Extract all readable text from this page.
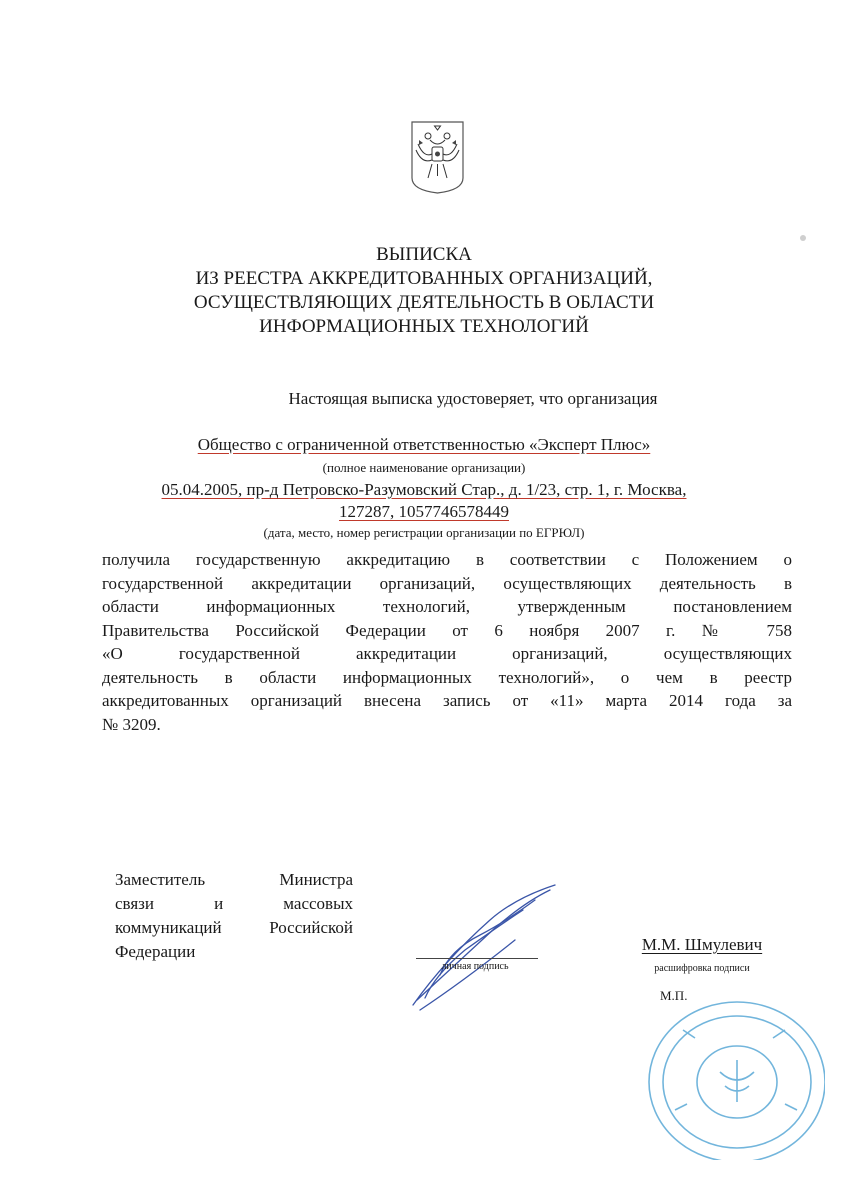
ВЫПИСКА
ИЗ РЕЕСТРА АККРЕДИТОВАННЫХ ОРГАНИЗАЦИЙ,
ОСУЩЕСТВЛЯЮЩИХ ДЕЯТЕЛЬНОСТЬ В ОБЛАСТИ
ИНФОРМАЦИОННЫХ ТЕХНОЛОГИЙ
Настоящая выписка удостоверяет, что организация
Общество с ограниченной ответственностью «Эксперт Плюс»
(полное наименование организации)
05.04.2005, пр-д Петровско-Разумовский Стар., д. 1/23, стр. 1, г. Москва,
127287, 1057746578449
(дата, место, номер регистрации организации по ЕГРЮЛ)
получила государственную аккредитацию в соответствии с Положением о
государственной аккредитации организаций, осуществляющих деятельность в
области информационных технологий, утвержденным постановлением
Правительства Российской Федерации от 6 ноября 2007 г. № 758
«О государственной аккредитации организаций, осуществляющих
деятельность в области информационных технологий», о чем в реестр
аккредитованных организаций внесена запись от «11» марта 2014 года за
№ 3209.
Заместитель Министра
связи и массовых
коммуникаций Российской
Федерации
личная подпись
М.М. Шмулевич
расшифровка подписи
М.П.
